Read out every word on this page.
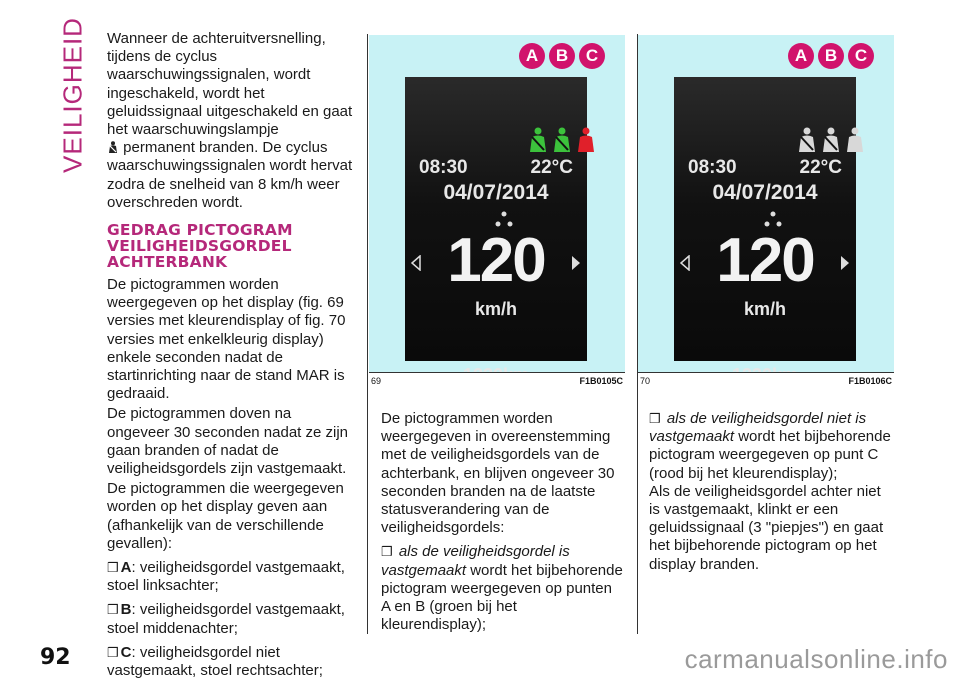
VEILIGHEID Wanneer de achteruitversnelling, tijdens de cyclus waarschuwingssignalen, wordt ingeschakeld, wordt het geluidssignaal uitgeschakeld en gaat het waarschuwingslampje
permanent branden. De cyclus waarschuwingssignalen wordt hervat zodra de snelheid van 8 km/h weer overschreden wordt.

GEDRAG PICTOGRAM VEILIGHEIDSGORDEL ACHTERBANK

De pictogrammen worden weergegeven op het display (fig. 69 versies met kleurendisplay of fig. 70 versies met enkelkleurig display) enkele seconden nadat de startinrichting naar de stand MAR is gedraaid.

De pictogrammen doven na ongeveer 30 seconden nadat ze zijn gaan branden of nadat de veiligheidsgordels zijn vastgemaakt.

De pictogrammen die weergegeven worden op het display geven aan (afhankelijk van de verschillende gevallen):

❒ A: veiligheidsgordel vastgemaakt, stoel linksachter;
❒ B: veiligheidsgordel vastgemaakt, stoel middenachter;
❒ C: veiligheidsgordel niet vastgemaakt, stoel rechtsachter;
A	B	C
08:30	22°C
04/07/2014
120
km/h
69	F1B0105C
A	B	C
08:30	22°C
04/07/2014
120
km/h
70	F1B0106C

De pictogrammen worden weergegeven in overeenstemming met de veiligheidsgordels van de achterbank, en blijven ongeveer 30 seconden branden na de laatste statusverandering van de veiligheidsgordels:

❒ als de veiligheidsgordel is vastgemaakt wordt het bijbehorende pictogram weergegeven op punten A en B (groen bij het kleurendisplay);
❒ als de veiligheidsgordel niet is vastgemaakt wordt het bijbehorende pictogram weergegeven op punt C (rood bij het kleurendisplay);

Als de veiligheidsgordel achter niet is vastgemaakt, klinkt er een geluidssignaal (3 "piepjes") en gaat het bijbehorende pictogram op het display branden.

92	carmanualsonline.info
